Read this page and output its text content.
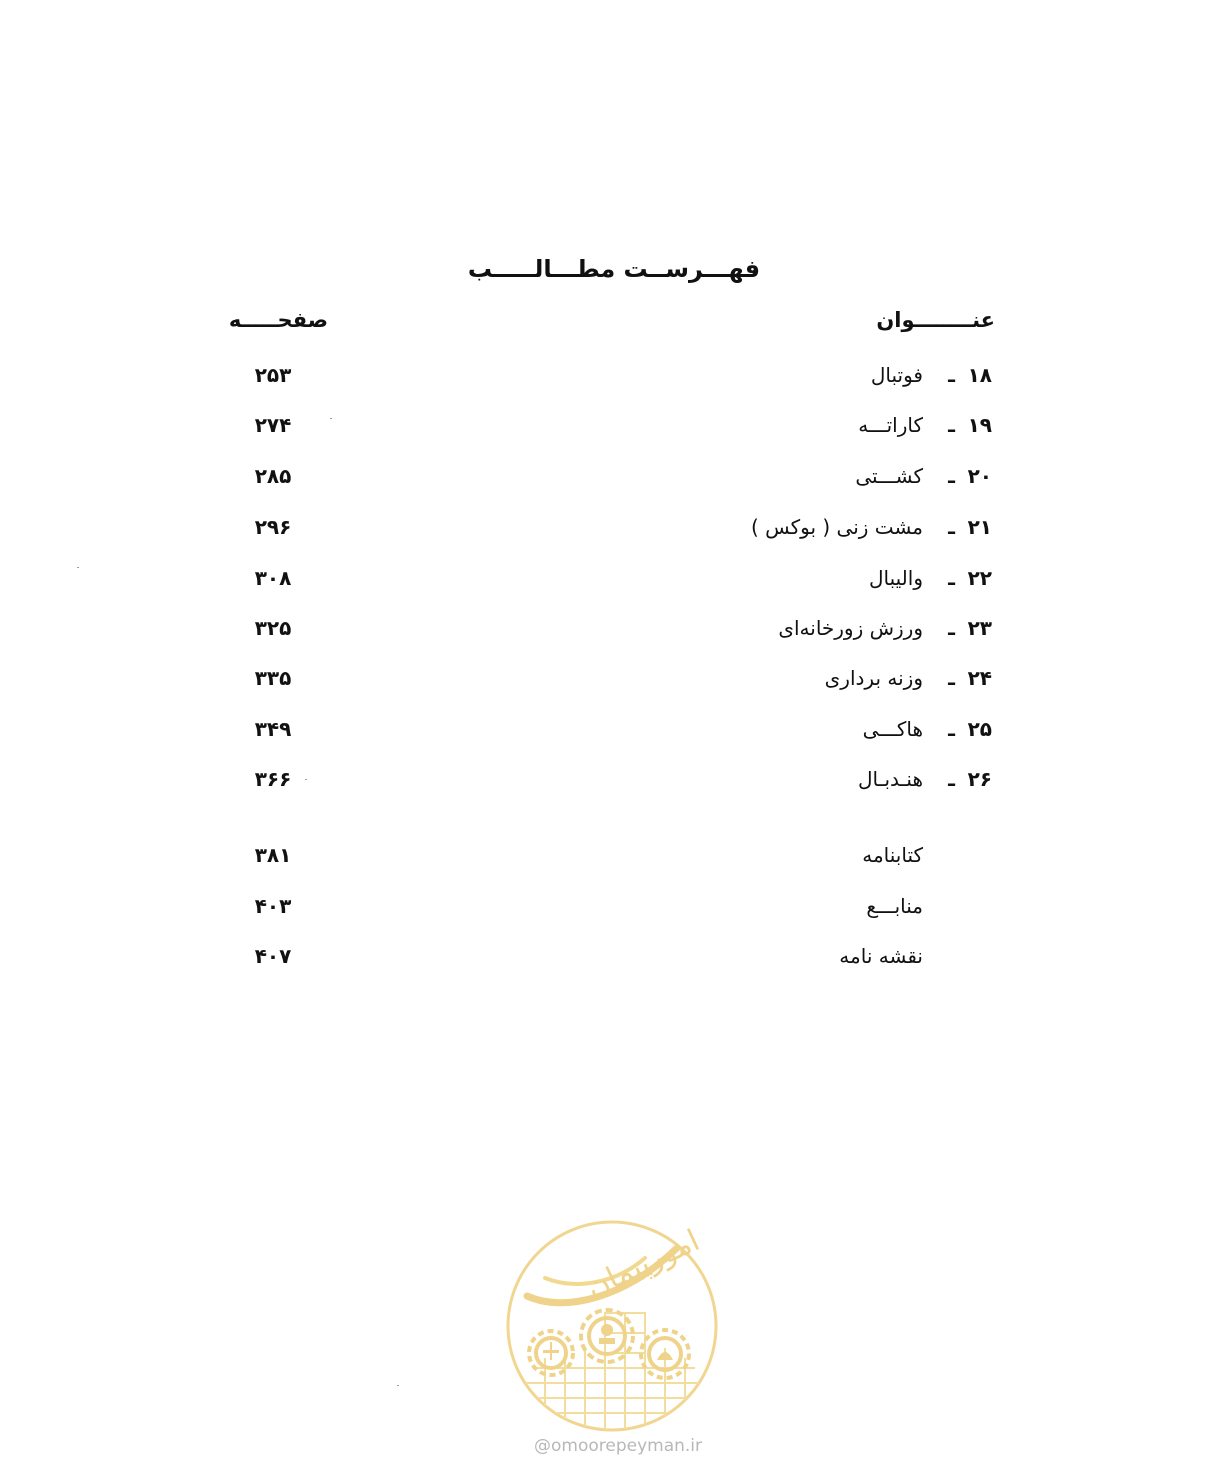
فهـــرســت مطـــالـــــب
عنــــــــوان
صفحـــــه
۱۸
ـ
فوتبال
۲۵۳
۱۹
ـ
کاراتـــه
۲۷۴
۲۰
ـ
کشـــتی
۲۸۵
۲۱
ـ
مشت زنی ( بوکس )
۲۹۶
۲۲
ـ
والیبال
۳۰۸
۲۳
ـ
ورزش زورخانه‌ای
۳۲۵
۲۴
ـ
وزنه برداری
۳۳۵
۲۵
ـ
هاکـــی
۳۴۹
۲۶
ـ
هنـدبـال
۳۶۶
کتابنامه
۳۸۱
منابـــع
۴۰۳
نقشه نامه
۴۰۷
امورپیمان
@omoorepeyman.ir
